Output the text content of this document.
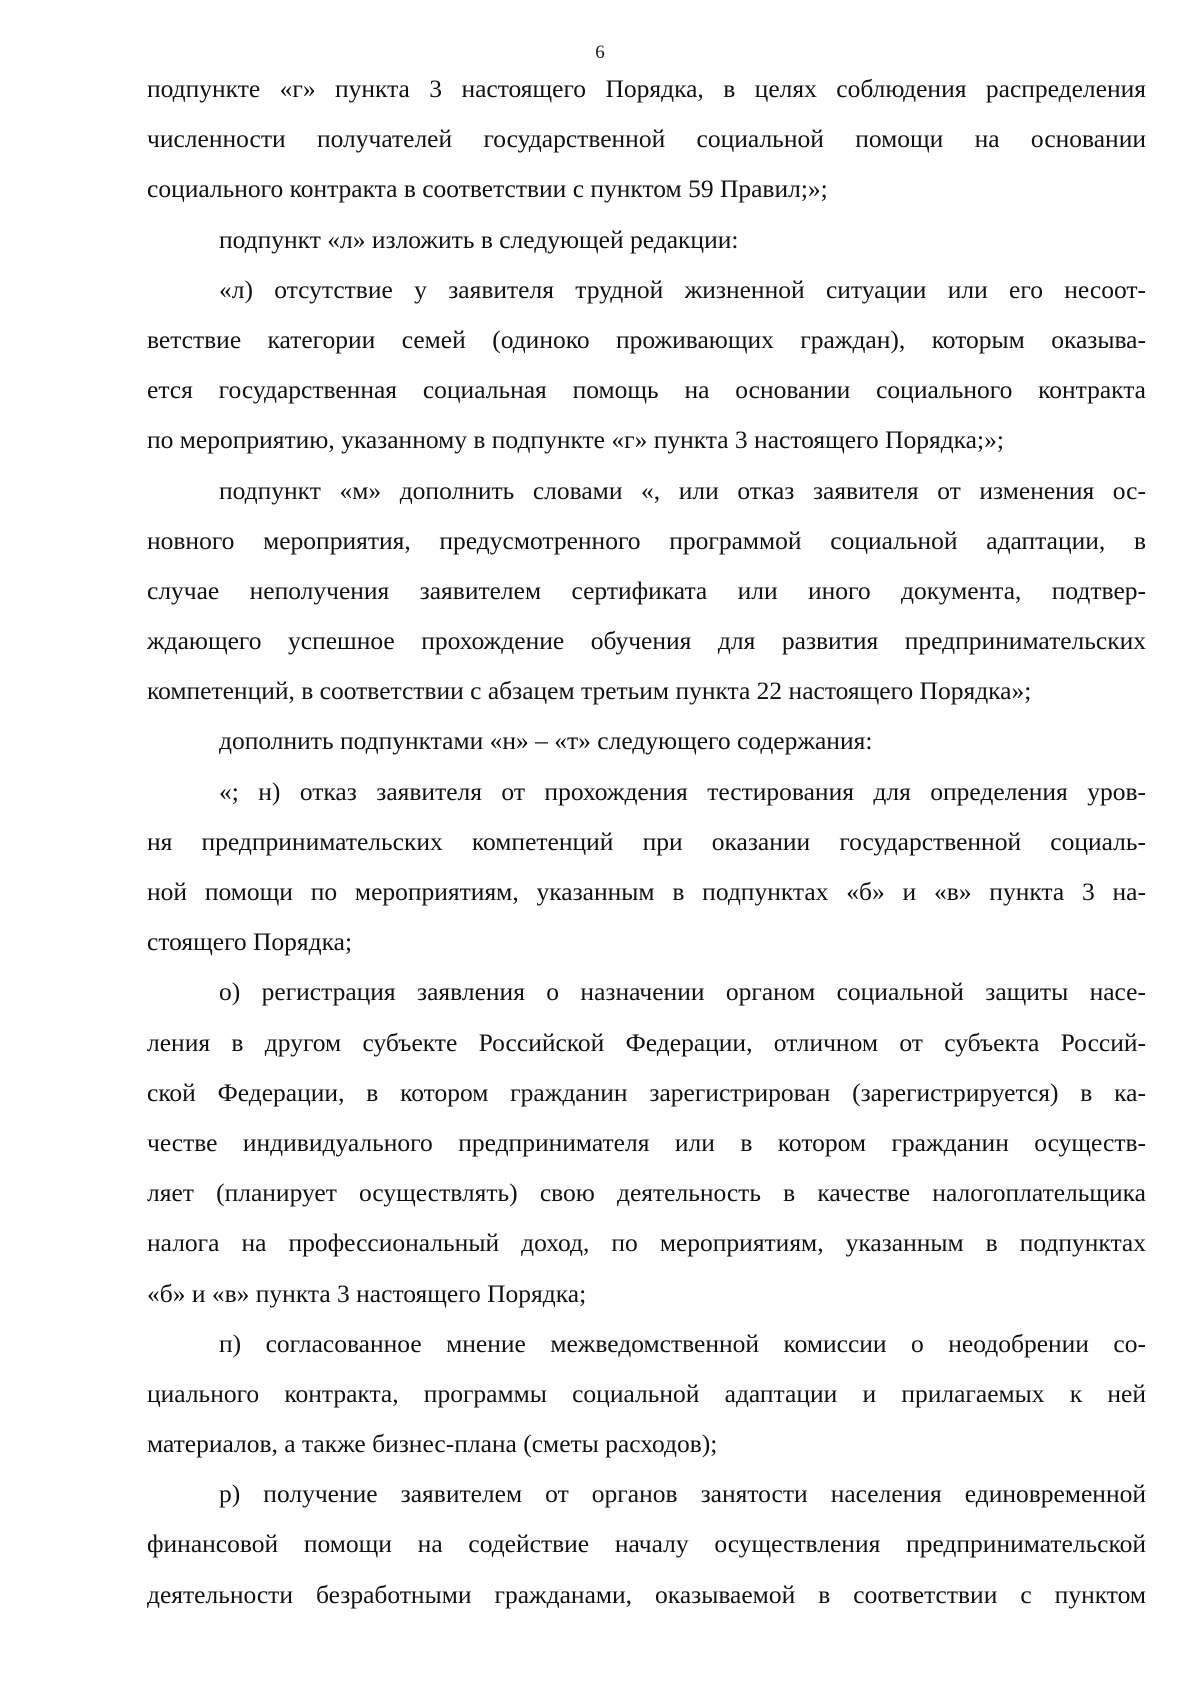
6
подпункте «г» пункта 3 настоящего Порядка, в целях соблюдения распределения
численности получателей государственной социальной помощи на основании
социального контракта в соответствии с пунктом 59 Правил;»;
подпункт «л» изложить в следующей редакции:
«л) отсутствие у заявителя трудной жизненной ситуации или его несоот-
ветствие категории семей (одиноко проживающих граждан), которым оказыва-
ется государственная социальная помощь на основании социального контракта
по мероприятию, указанному в подпункте «г» пункта 3 настоящего Порядка;»;
подпункт «м» дополнить словами «, или отказ заявителя от изменения ос-
новного мероприятия, предусмотренного программой социальной адаптации, в
случае неполучения заявителем сертификата или иного документа, подтвер-
ждающего успешное прохождение обучения для развития предпринимательских
компетенций, в соответствии с абзацем третьим пункта 22 настоящего Порядка»;
дополнить подпунктами «н» – «т» следующего содержания:
«; н) отказ заявителя от прохождения тестирования для определения уров-
ня предпринимательских компетенций при оказании государственной социаль-
ной помощи по мероприятиям, указанным в подпунктах «б» и «в» пункта 3 на-
стоящего Порядка;
о) регистрация заявления о назначении органом социальной защиты насе-
ления в другом субъекте Российской Федерации, отличном от субъекта Россий-
ской Федерации, в котором гражданин зарегистрирован (зарегистрируется) в ка-
честве индивидуального предпринимателя или в котором гражданин осуществ-
ляет (планирует осуществлять) свою деятельность в качестве налогоплательщика
налога на профессиональный доход, по мероприятиям, указанным в подпунктах
«б» и «в» пункта 3 настоящего Порядка;
п) согласованное мнение межведомственной комиссии о неодобрении со-
циального контракта, программы социальной адаптации и прилагаемых к ней
материалов, а также бизнес-плана (сметы расходов);
р) получение заявителем от органов занятости населения единовременной
финансовой помощи на содействие началу осуществления предпринимательской
деятельности безработными гражданами, оказываемой в соответствии с пунктом
